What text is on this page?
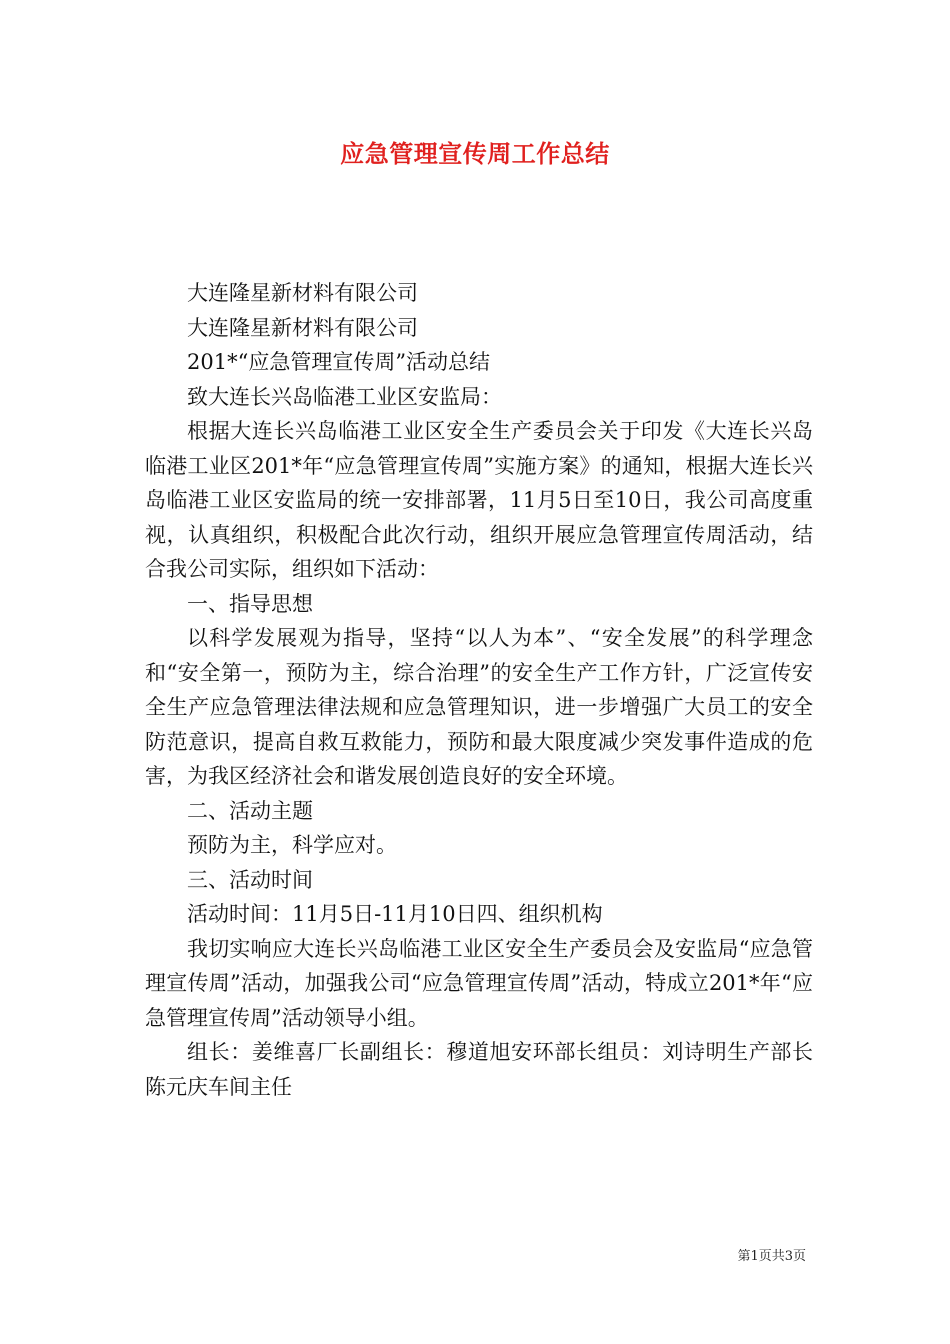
应急管理宣传周工作总结

大连隆星新材料有限公司

大连隆星新材料有限公司

201*“应急管理宣传周”活动总结

致大连长兴岛临港工业区安监局：

根据大连长兴岛临港工业区安全生产委员会关于印发《大连长兴岛临港工业区201*年“应急管理宣传周”实施方案》的通知，根据大连长兴岛临港工业区安监局的统一安排部署，11月5日至10日，我公司高度重视，认真组织，积极配合此次行动，组织开展应急管理宣传周活动，结合我公司实际，组织如下活动：

一、指导思想

以科学发展观为指导，坚持“以人为本”、“安全发展”的科学理念和“安全第一，预防为主，综合治理”的安全生产工作方针，广泛宣传安全生产应急管理法律法规和应急管理知识，进一步增强广大员工的安全防范意识，提高自救互救能力，预防和最大限度减少突发事件造成的危害，为我区经济社会和谐发展创造良好的安全环境。

二、活动主题

预防为主，科学应对。

三、活动时间

活动时间：11月5日-11月10日四、组织机构

我切实响应大连长兴岛临港工业区安全生产委员会及安监局“应急管理宣传周”活动，加强我公司“应急管理宣传周”活动，特成立201*年“应急管理宣传周”活动领导小组。

组长：姜维喜厂长副组长：穆道旭安环部长组员：刘诗明生产部长陈元庆车间主任

第1页共3页
